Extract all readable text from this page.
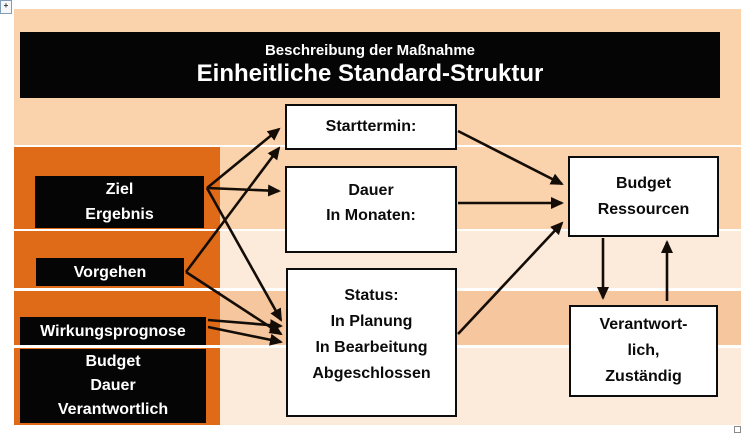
Beschreibung der Maßnahme
Einheitliche Standard-Struktur
Ziel
Ergebnis
Vorgehen
Wirkungsprognose
Budget
Dauer
Verantwortlich
Starttermin:
Dauer
In Monaten:
Status:
In Planung
In Bearbeitung
Abgeschlossen
Budget
Ressourcen
Verantwort-
lich,
Zuständig
+
